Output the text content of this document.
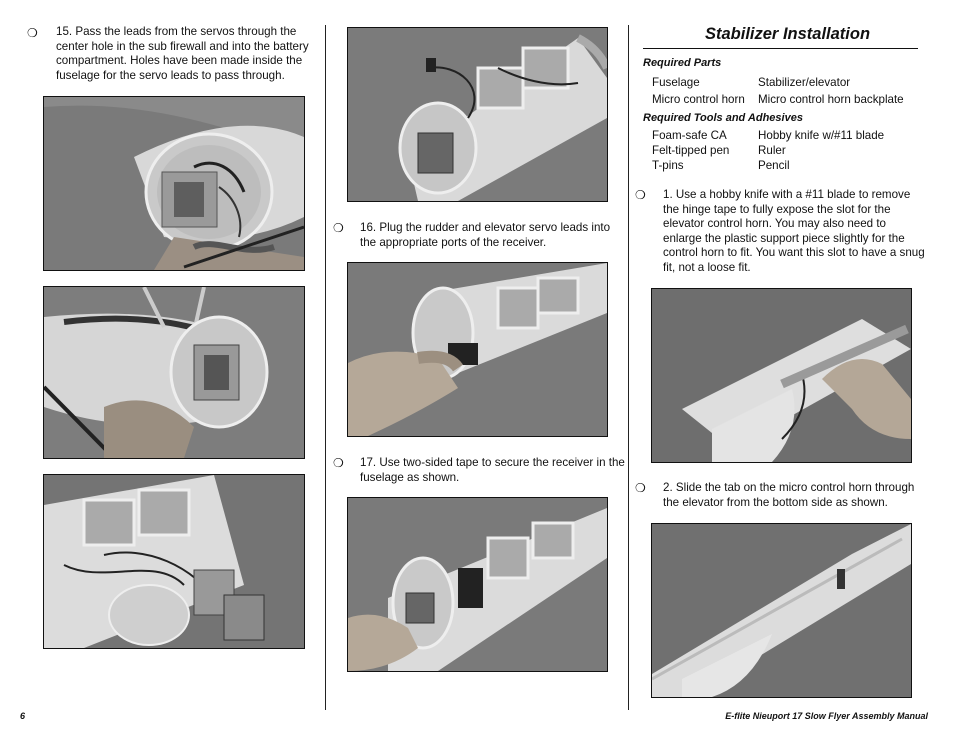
❍ 15. Pass the leads from the servos through the
center hole in the sub firewall and into the battery
compartment. Holes have been made inside the
fuselage for the servo leads to pass through.
❍ 16. Plug the rudder and elevator servo leads into
the appropriate ports of the receiver.
❍ 17. Use two-sided tape to secure the receiver in the
fuselage as shown.
Stabilizer Installation
Required Parts
Fuselage	Stabilizer/elevator
Micro control horn	Micro control horn backplate
Required Tools and Adhesives
Foam-safe CA	Hobby knife w/#11 blade
Felt-tipped pen	Ruler
T-pins	Pencil
❍ 1. Use a hobby knife with a #11 blade to remove
the hinge tape to fully expose the slot for the
elevator control horn. You may also need to
enlarge the plastic support piece slightly for the
control horn to fit. You want this slot to have a snug
fit, not a loose fit.
❍ 2. Slide the tab on the micro control horn through
the elevator from the bottom side as shown.
6	E-flite Nieuport 17 Slow Flyer Assembly Manual
